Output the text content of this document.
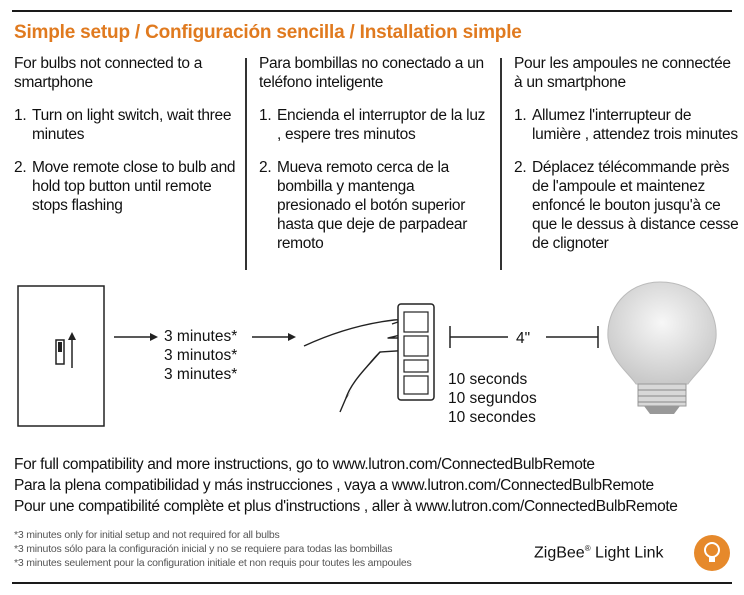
Simple setup / Configuración sencilla / Installation simple
For bulbs not connected to a smartphone
1. Turn on light switch, wait three minutes
2. Move remote close to bulb and hold top button until remote stops flashing
Para bombillas no conectado a un teléfono inteligente
1. Encienda el interruptor de la luz , espere tres minutos
2. Mueva remoto cerca de la bombilla y mantenga presionado el botón superior hasta que deje de parpadear remoto
Pour les ampoules ne connectée à un smartphone
1. Allumez l'interrupteur de lumière , attendez trois minutes
2. Déplacez télécommande près de l'ampoule et maintenez enfoncé le bouton jusqu'à ce que le dessus à distance cesse de clignoter
3 minutes*
3 minutos*
3 minutes*
4"
10 seconds
10 segundos
10 secondes
For full compatibility and more instructions, go to www.lutron.com/ConnectedBulbRemote
Para la plena compatibilidad y más instrucciones , vaya a www.lutron.com/ConnectedBulbRemote
Pour une compatibilité complète et plus d'instructions , aller à www.lutron.com/ConnectedBulbRemote
*3 minutes only for initial setup and not required for all bulbs
*3 minutos sólo para la configuración inicial y no se requiere para todas las bombillas
*3 minutes seulement pour la configuration initiale et non requis pour toutes les ampoules
ZigBee® Light Link
